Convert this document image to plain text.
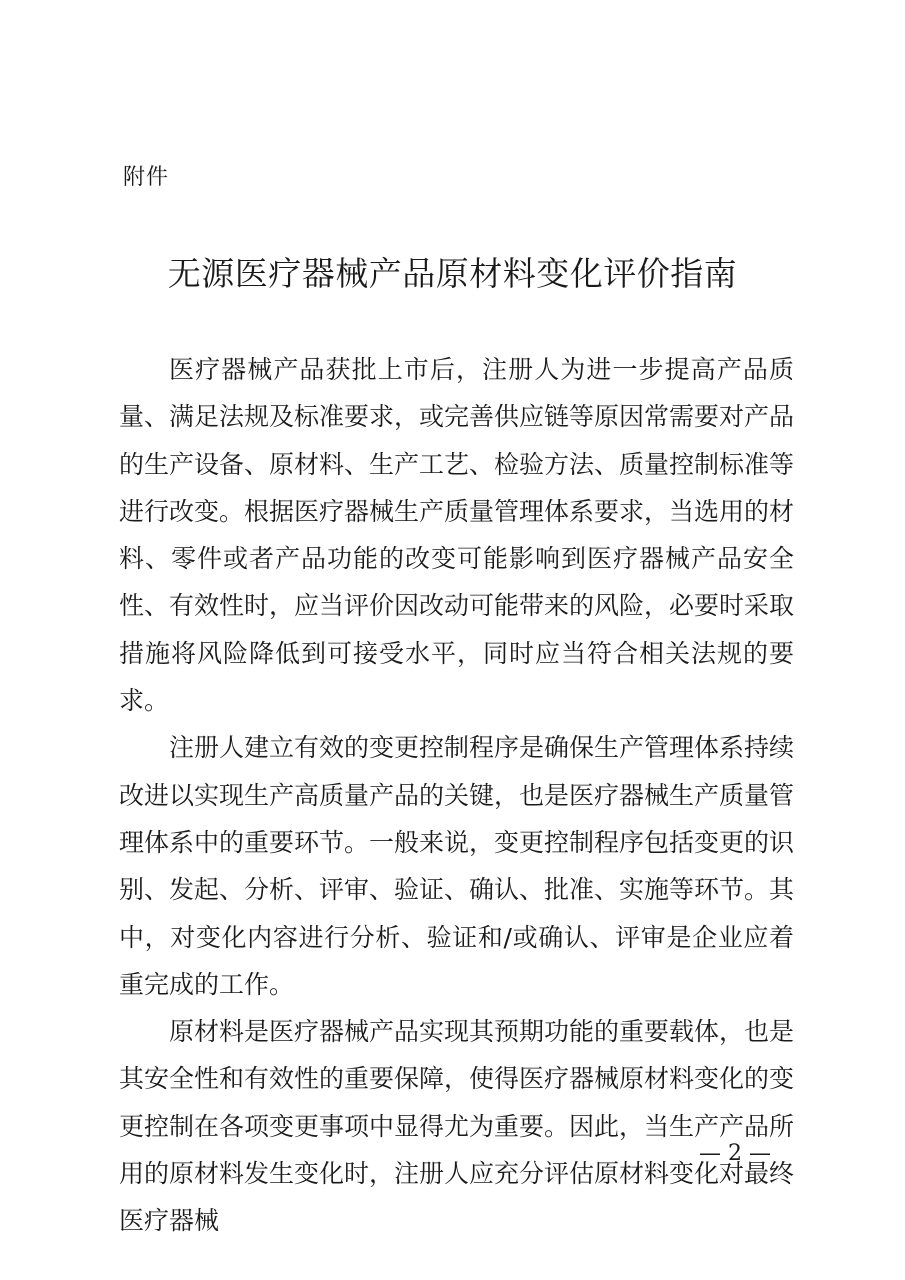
附件
无源医疗器械产品原材料变化评价指南

医疗器械产品获批上市后，注册人为进一步提高产品质量、满足法规及标准要求，或完善供应链等原因常需要对产品的生产设备、原材料、生产工艺、检验方法、质量控制标准等进行改变。根据医疗器械生产质量管理体系要求，当选用的材料、零件或者产品功能的改变可能影响到医疗器械产品安全性、有效性时，应当评价因改动可能带来的风险，必要时采取措施将风险降低到可接受水平，同时应当符合相关法规的要求。

注册人建立有效的变更控制程序是确保生产管理体系持续改进以实现生产高质量产品的关键，也是医疗器械生产质量管理体系中的重要环节。一般来说，变更控制程序包括变更的识别、发起、分析、评审、验证、确认、批准、实施等环节。其中，对变化内容进行分析、验证和/或确认、评审是企业应着重完成的工作。

原材料是医疗器械产品实现其预期功能的重要载体，也是其安全性和有效性的重要保障，使得医疗器械原材料变化的变更控制在各项变更事项中显得尤为重要。因此，当生产产品所用的原材料发生变化时，注册人应充分评估原材料变化对最终医疗器械

— 2 —
